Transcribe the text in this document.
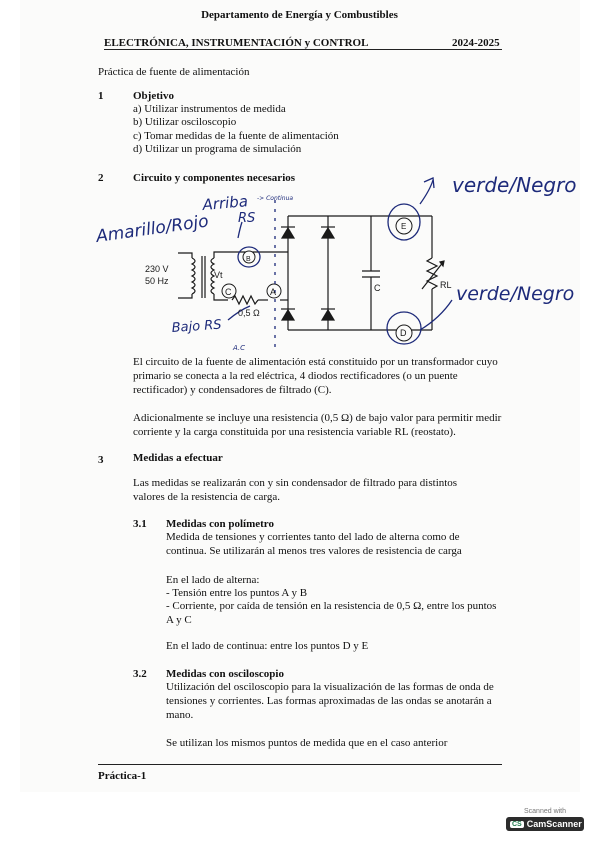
Departamento de Energía y Combustibles
ELECTRÓNICA, INSTRUMENTACIÓN y CONTROL	2024-2025
Práctica de fuente de alimentación
1	Objetivo
a) Utilizar instrumentos de medida
b) Utilizar osciloscopio
c) Tomar medidas de la fuente de alimentación
d) Utilizar un programa de simulación
2	Circuito y componentes necesarios
230 V
50 Hz
Vt
B
C	A
E
D
0,5 Ω
C	RL
Amarillo/Rojo
Arriba
RS
-> Continua
verde/Negro
verde/Negro
Bajo RS
A.C
El circuito de la fuente de alimentación está constituido por un transformador cuyo primario se conecta a la red eléctrica, 4 diodos rectificadores (o un puente rectificador) y condensadores de filtrado (C).
Adicionalmente se incluye una resistencia (0,5 Ω) de bajo valor para permitir medir corriente y la carga constituida por una resistencia variable RL (reostato).
3	Medidas a efectuar
Las medidas se realizarán con y sin condensador de filtrado para distintos valores de la resistencia de carga.
3.1 Medidas con polímetro
Medida de tensiones y corrientes tanto del lado de alterna como de continua. Se utilizarán al menos tres valores de resistencia de carga
En el lado de alterna:
- Tensión entre los puntos A y B
- Corriente, por caída de tensión en la resistencia de 0,5 Ω, entre los puntos A y C
En el lado de continua: entre los puntos D y E
3.2 Medidas con osciloscopio
Utilización del osciloscopio para la visualización de las formas de onda de tensiones y corrientes. Las formas aproximadas de las ondas se anotarán a mano.
Se utilizan los mismos puntos de medida que en el caso anterior
Práctica-1
Scanned with
CS CamScanner
